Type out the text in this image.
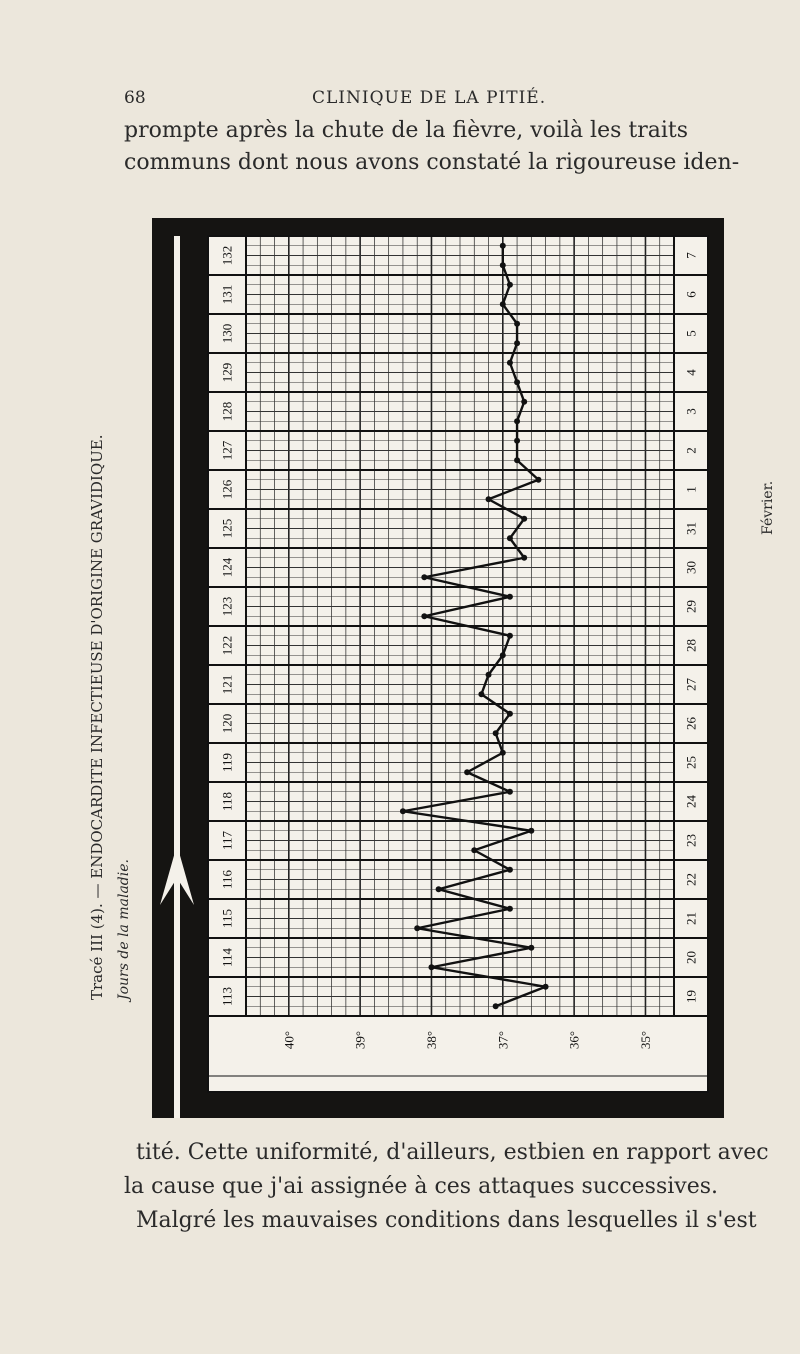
68	CLINIQUE DE LA PITIÉ.
prompte après la chute de la fièvre, voilà les traits
communs dont nous avons constaté la rigoureuse iden-
Tracé III (4). — ENDOCARDITE INFECTIEUSE D'ORIGINE GRAVIDIQUE. Jours de la maladie.
Février.
113	19
114	20
115	21
116	22
117	23
118	24
119	25
120	26
121	27
122	28
123	29
124	30
125	31
126	1
127	2
128	3
129	4
130	5
131	6
132	7
40°	39°	38°	37°	36°	35°
tité. Cette uniformité, d'ailleurs, estbien en rapport avec
la cause que j'ai assignée à ces attaques successives.
Malgré les mauvaises conditions dans lesquelles il s'est
